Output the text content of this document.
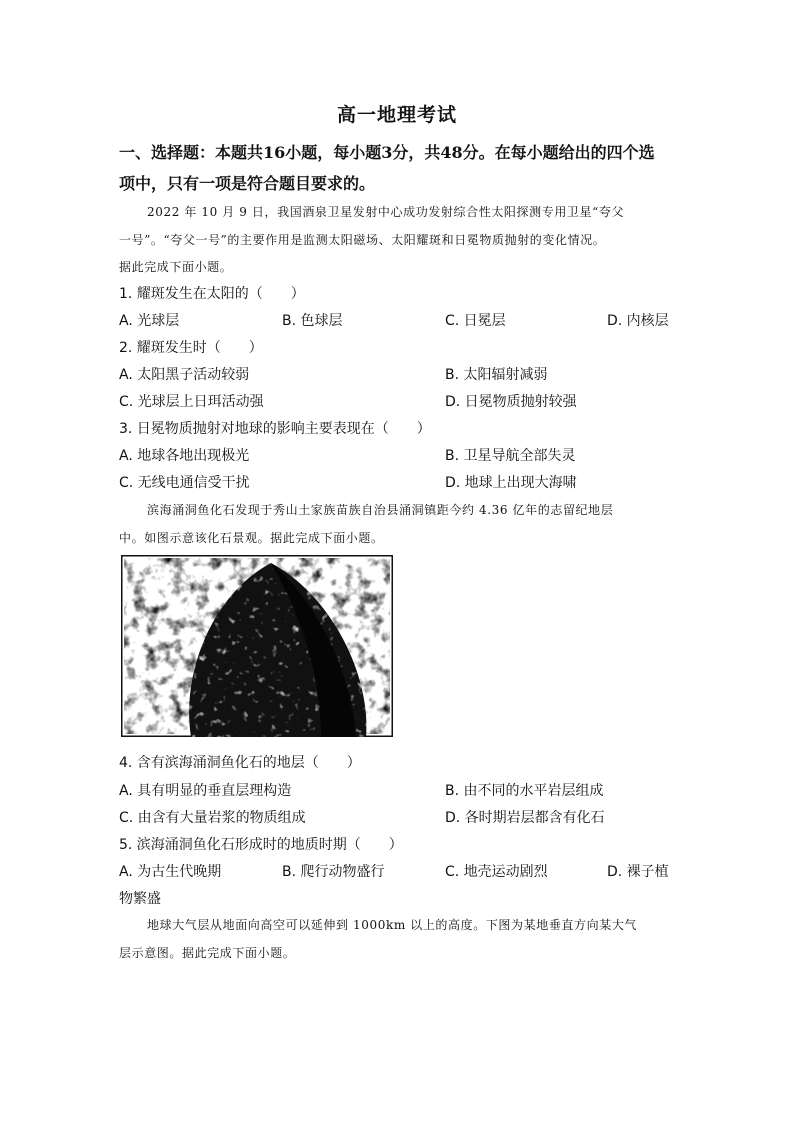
高一地理考试
一、选择题：本题共16小题，每小题3分，共48分。在每小题给出的四个选
项中，只有一项是符合题目要求的。
2022 年 10 月 9 日，我国酒泉卫星发射中心成功发射综合性太阳探测专用卫星“夸父
一号”。“夸父一号”的主要作用是监测太阳磁场、太阳耀斑和日冕物质抛射的变化情况。
据此完成下面小题。
1. 耀斑发生在太阳的（　　）
A. 光球层	B. 色球层	C. 日冕层	D. 内核层
2. 耀斑发生时（　　）
A. 太阳黑子活动较弱	B. 太阳辐射减弱
C. 光球层上日珥活动强	D. 日冕物质抛射较强
3. 日冕物质抛射对地球的影响主要表现在（　　）
A. 地球各地出现极光	B. 卫星导航全部失灵
C. 无线电通信受干扰	D. 地球上出现大海啸
滨海涌洞鱼化石发现于秀山土家族苗族自治县涌洞镇距今约 4.36 亿年的志留纪地层
中。如图示意该化石景观。据此完成下面小题。
4. 含有滨海涌洞鱼化石的地层（　　）
A. 具有明显的垂直层理构造	B. 由不同的水平岩层组成
C. 由含有大量岩浆的物质组成	D. 各时期岩层都含有化石
5. 滨海涌洞鱼化石形成时的地质时期（　　）
A. 为古生代晚期	B. 爬行动物盛行	C. 地壳运动剧烈	D. 裸子植
物繁盛
地球大气层从地面向高空可以延伸到 1000km 以上的高度。下图为某地垂直方向某大气
层示意图。据此完成下面小题。
